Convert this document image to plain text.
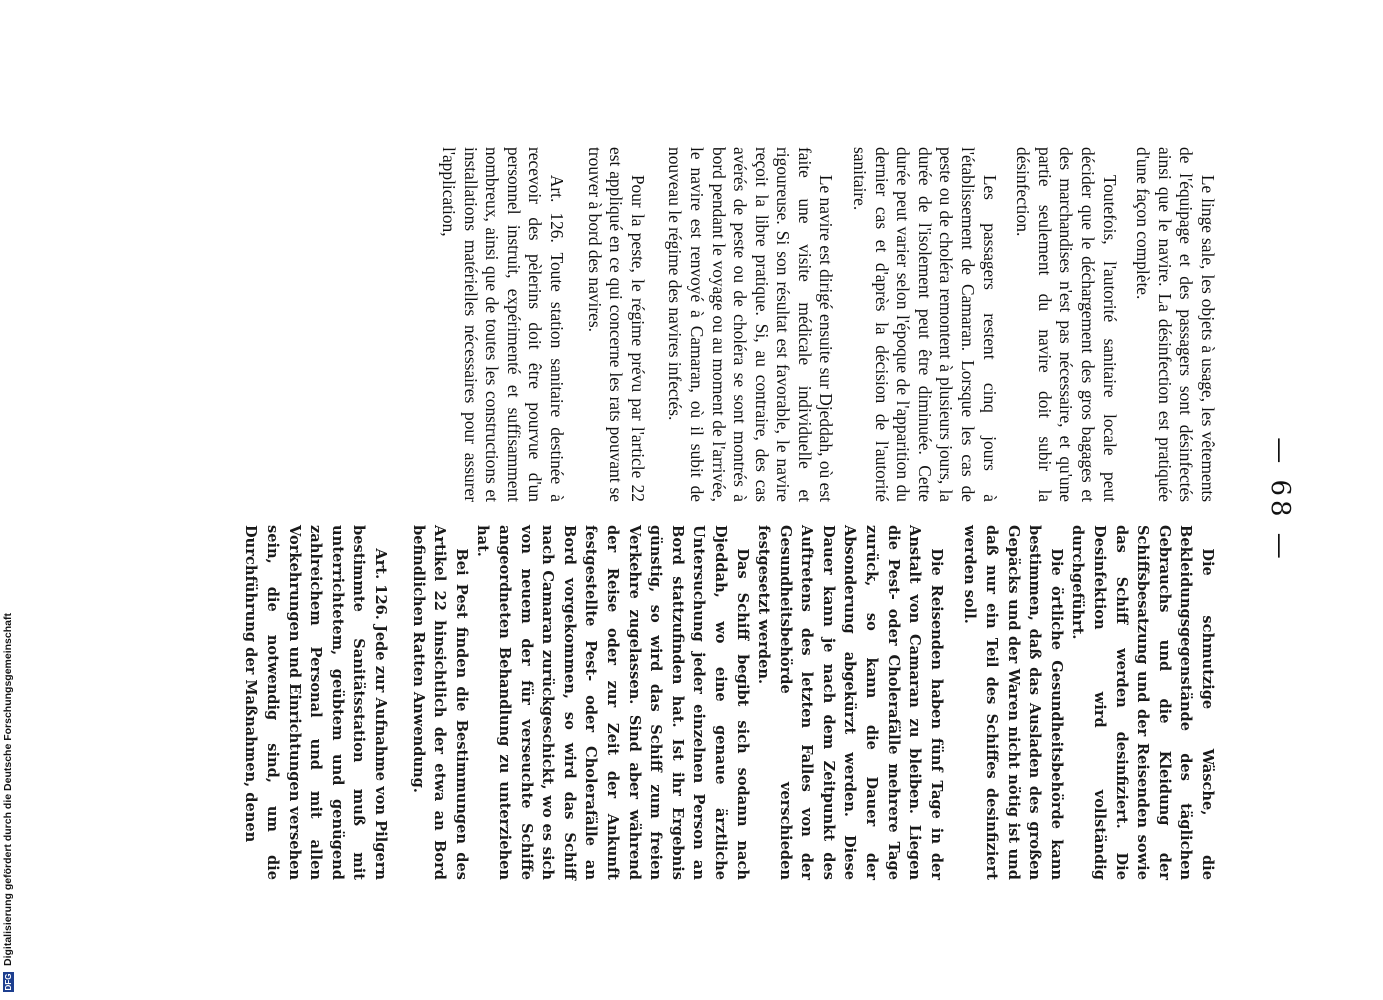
— 68 —

Le linge sale, les objets à usage, les vêtements de l'équipage et des passagers sont désinfectés ainsi que le navire. La désinfection est pratiquée d'une façon complète.

Toutefois, l'autorité sanitaire locale peut décider que le déchargement des gros bagages et des marchandises n'est pas nécessaire, et qu'une partie seulement du navire doit subir la désinfection.

Les passagers restent cinq jours à l'établissement de Camaran. Lorsque les cas de peste ou de choléra remontent à plusieurs jours, la durée de l'isolement peut être diminuée. Cette durée peut varier selon l'époque de l'apparition du dernier cas et d'après la décision de l'autorité sanitaire.

Le navire est dirigé ensuite sur Djeddah, où est faite une visite médicale individuelle et rigoureuse. Si son résultat est favorable, le navire reçoit la libre pratique. Si, au contraire, des cas avérés de peste ou de choléra se sont montrés à bord pendant le voyage ou au moment de l'arrivée, le navire est renvoyé à Camaran, où il subit de nouveau le régime des navires infectés.

Pour la peste, le régime prévu par l'article 22 est appliqué en ce qui concerne les rats pouvant se trouver à bord des navires.

Art. 126. Toute station sanitaire destinée à recevoir des pèlerins doit être pourvue d'un personnel instruit, expérimenté et suffisamment nombreux, ainsi que de toutes les constructions et installations matérielles nécessaires pour assurer l'application,

Die schmutzige Wäsche, die Bekleidungsgegenstände des täglichen Gebrauchs und die Kleidung der Schiffsbesatzung und der Reisenden sowie das Schiff werden desinfiziert. Die Desinfektion wird vollständig durchgeführt.

Die örtliche Gesundheitsbehörde kann bestimmen, daß das Ausladen des großen Gepäcks und der Waren nicht nötig ist und daß nur ein Teil des Schiffes desinfiziert werden soll.

Die Reisenden haben fünf Tage in der Anstalt von Camaran zu bleiben. Liegen die Pest- oder Cholerafälle mehrere Tage zurück, so kann die Dauer der Absonderung abgekürzt werden. Diese Dauer kann je nach dem Zeitpunkt des Auftretens des letzten Falles von der Gesundheitsbehörde verschieden festgesetzt werden.

Das Schiff begibt sich sodann nach Djeddah, wo eine genaue ärztliche Untersuchung jeder einzelnen Person an Bord stattzufinden hat. Ist ihr Ergebnis günstig, so wird das Schiff zum freien Verkehre zugelassen. Sind aber während der Reise oder zur Zeit der Ankunft festgestellte Pest- oder Cholerafälle an Bord vorgekommen, so wird das Schiff nach Camaran zurückgeschickt, wo es sich von neuem der für verseuchte Schiffe angeordneten Behandlung zu unterziehen hat.

Bei Pest finden die Bestimmungen des Artikel 22 hinsichtlich der etwa an Bord befindlichen Ratten Anwendung.

Art. 126. Jede zur Aufnahme von Pilgern bestimmte Sanitätsstation muß mit unterrichtetem, geübtem und genügend zahlreichem Personal und mit allen Vorkehrungen und Einrichtungen versehen sein, die notwendig sind, um die Durchführung der Maßnahmen, denen

DFG
Digitalisierung gefördert durch die Deutsche Forschungsgemeinschaft
